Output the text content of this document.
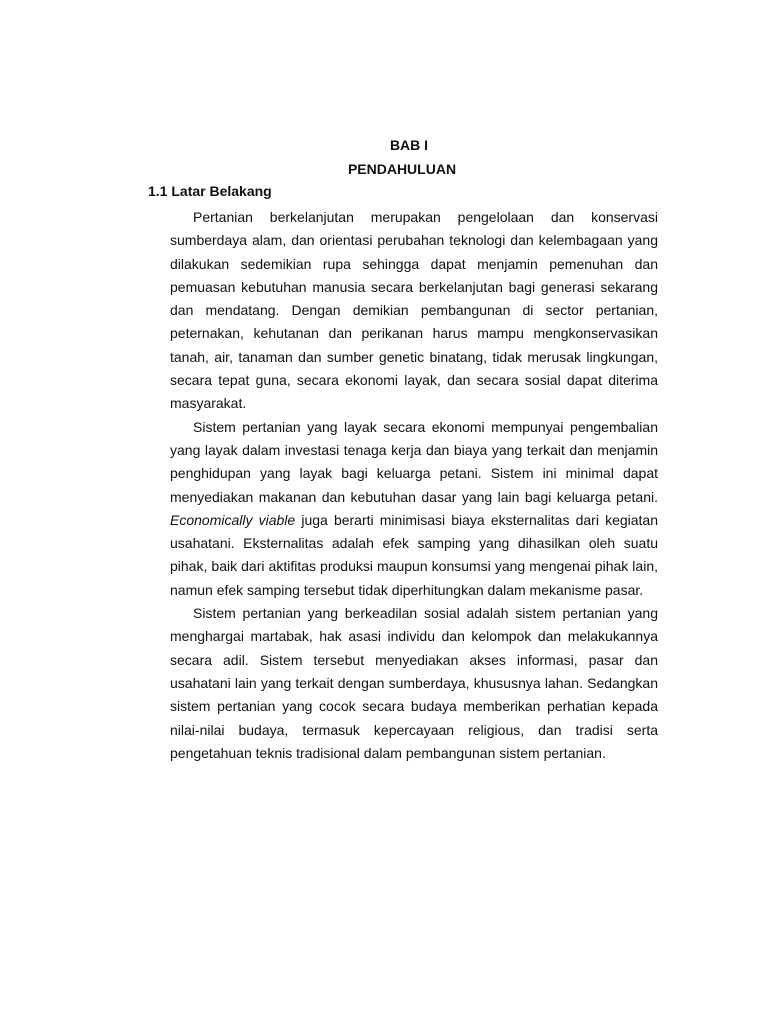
BAB I
PENDAHULUAN
1.1 Latar Belakang

Pertanian berkelanjutan merupakan pengelolaan dan konservasi sumberdaya alam, dan orientasi perubahan teknologi dan kelembagaan yang dilakukan sedemikian rupa sehingga dapat menjamin pemenuhan dan pemuasan kebutuhan manusia secara berkelanjutan bagi generasi sekarang dan mendatang. Dengan demikian pembangunan di sector pertanian, peternakan, kehutanan dan perikanan harus mampu mengkonservasikan tanah, air, tanaman dan sumber genetic binatang, tidak merusak lingkungan, secara tepat guna, secara ekonomi layak, dan secara sosial dapat diterima masyarakat.

Sistem pertanian yang layak secara ekonomi mempunyai pengembalian yang layak dalam investasi tenaga kerja dan biaya yang terkait dan menjamin penghidupan yang layak bagi keluarga petani. Sistem ini minimal dapat menyediakan makanan dan kebutuhan dasar yang lain bagi keluarga petani. Economically viable juga berarti minimisasi biaya eksternalitas dari kegiatan usahatani. Eksternalitas adalah efek samping yang dihasilkan oleh suatu pihak, baik dari aktifitas produksi maupun konsumsi yang mengenai pihak lain, namun efek samping tersebut tidak diperhitungkan dalam mekanisme pasar.

Sistem pertanian yang berkeadilan sosial adalah sistem pertanian yang menghargai martabak, hak asasi individu dan kelompok dan melakukannya secara adil. Sistem tersebut menyediakan akses informasi, pasar dan usahatani lain yang terkait dengan sumberdaya, khususnya lahan. Sedangkan sistem pertanian yang cocok secara budaya memberikan perhatian kepada nilai-nilai budaya, termasuk kepercayaan religious, dan tradisi serta pengetahuan teknis tradisional dalam pembangunan sistem pertanian.
